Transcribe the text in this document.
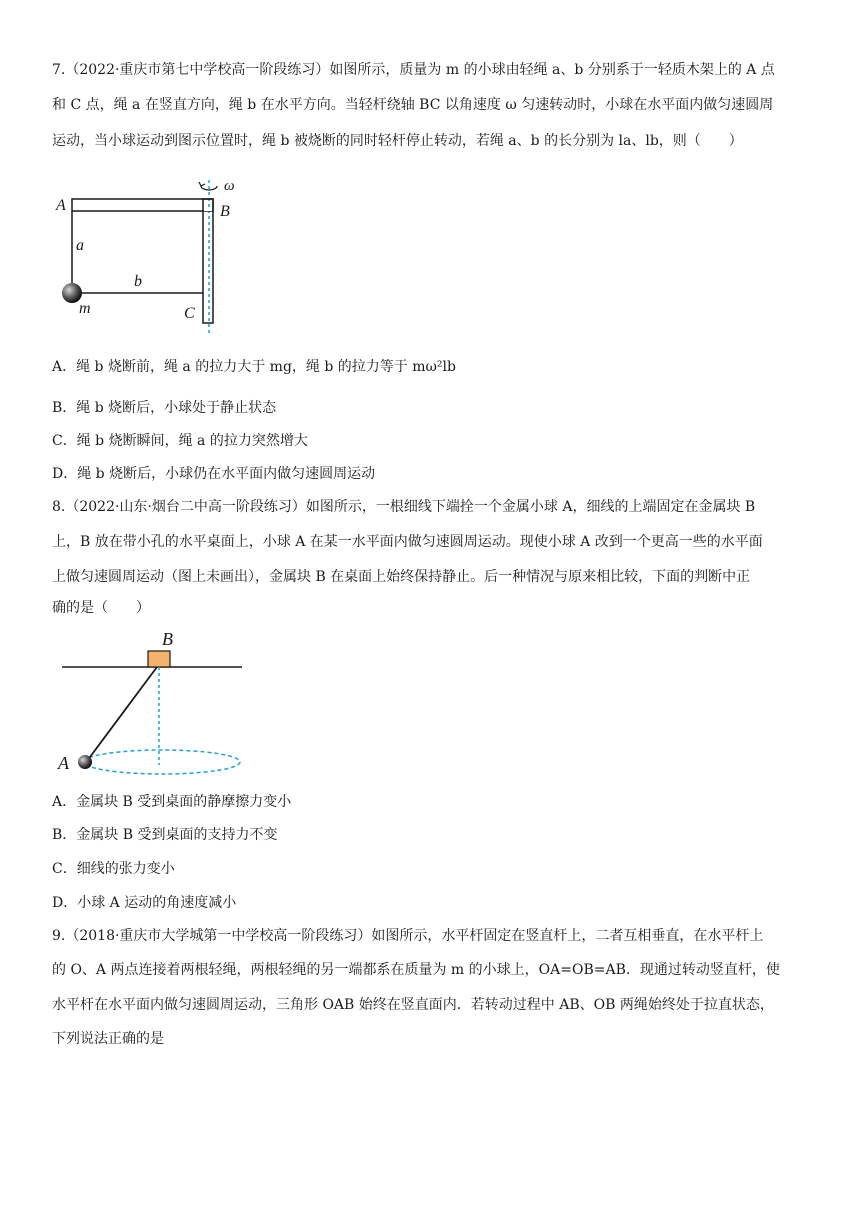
7.（2022·重庆市第七中学校高一阶段练习）如图所示，质量为 m 的小球由轻绳 a、b 分别系于一轻质木架上的 A 点
和 C 点，绳 a 在竖直方向，绳 b 在水平方向。当轻杆绕轴 BC 以角速度 ω 匀速转动时，小球在水平面内做匀速圆周
运动，当小球运动到图示位置时，绳 b 被烧断的同时轻杆停止转动，若绳 a、b 的长分别为 la、lb，则（　　）
ω
A	B
a
b
m	C
A．绳 b 烧断前，绳 a 的拉力大于 mg，绳 b 的拉力等于 mω²lb
B．绳 b 烧断后，小球处于静止状态
C．绳 b 烧断瞬间，绳 a 的拉力突然增大
D．绳 b 烧断后，小球仍在水平面内做匀速圆周运动
8.（2022·山东·烟台二中高一阶段练习）如图所示，一根细线下端拴一个金属小球 A，细线的上端固定在金属块 B
上，B 放在带小孔的水平桌面上，小球 A 在某一水平面内做匀速圆周运动。现使小球 A 改到一个更高一些的水平面
上做匀速圆周运动（图上未画出），金属块 B 在桌面上始终保持静止。后一种情况与原来相比较，下面的判断中正
确的是（　　）
B
A
A．金属块 B 受到桌面的静摩擦力变小
B．金属块 B 受到桌面的支持力不变
C．细线的张力变小
D．小球 A 运动的角速度减小
9.（2018·重庆市大学城第一中学校高一阶段练习）如图所示，水平杆固定在竖直杆上，二者互相垂直，在水平杆上
的 O、A 两点连接着两根轻绳，两根轻绳的另一端都系在质量为 m 的小球上，OA=OB=AB．现通过转动竖直杆，使
水平杆在水平面内做匀速圆周运动，三角形 OAB 始终在竖直面内．若转动过程中 AB、OB 两绳始终处于拉直状态，
下列说法正确的是
